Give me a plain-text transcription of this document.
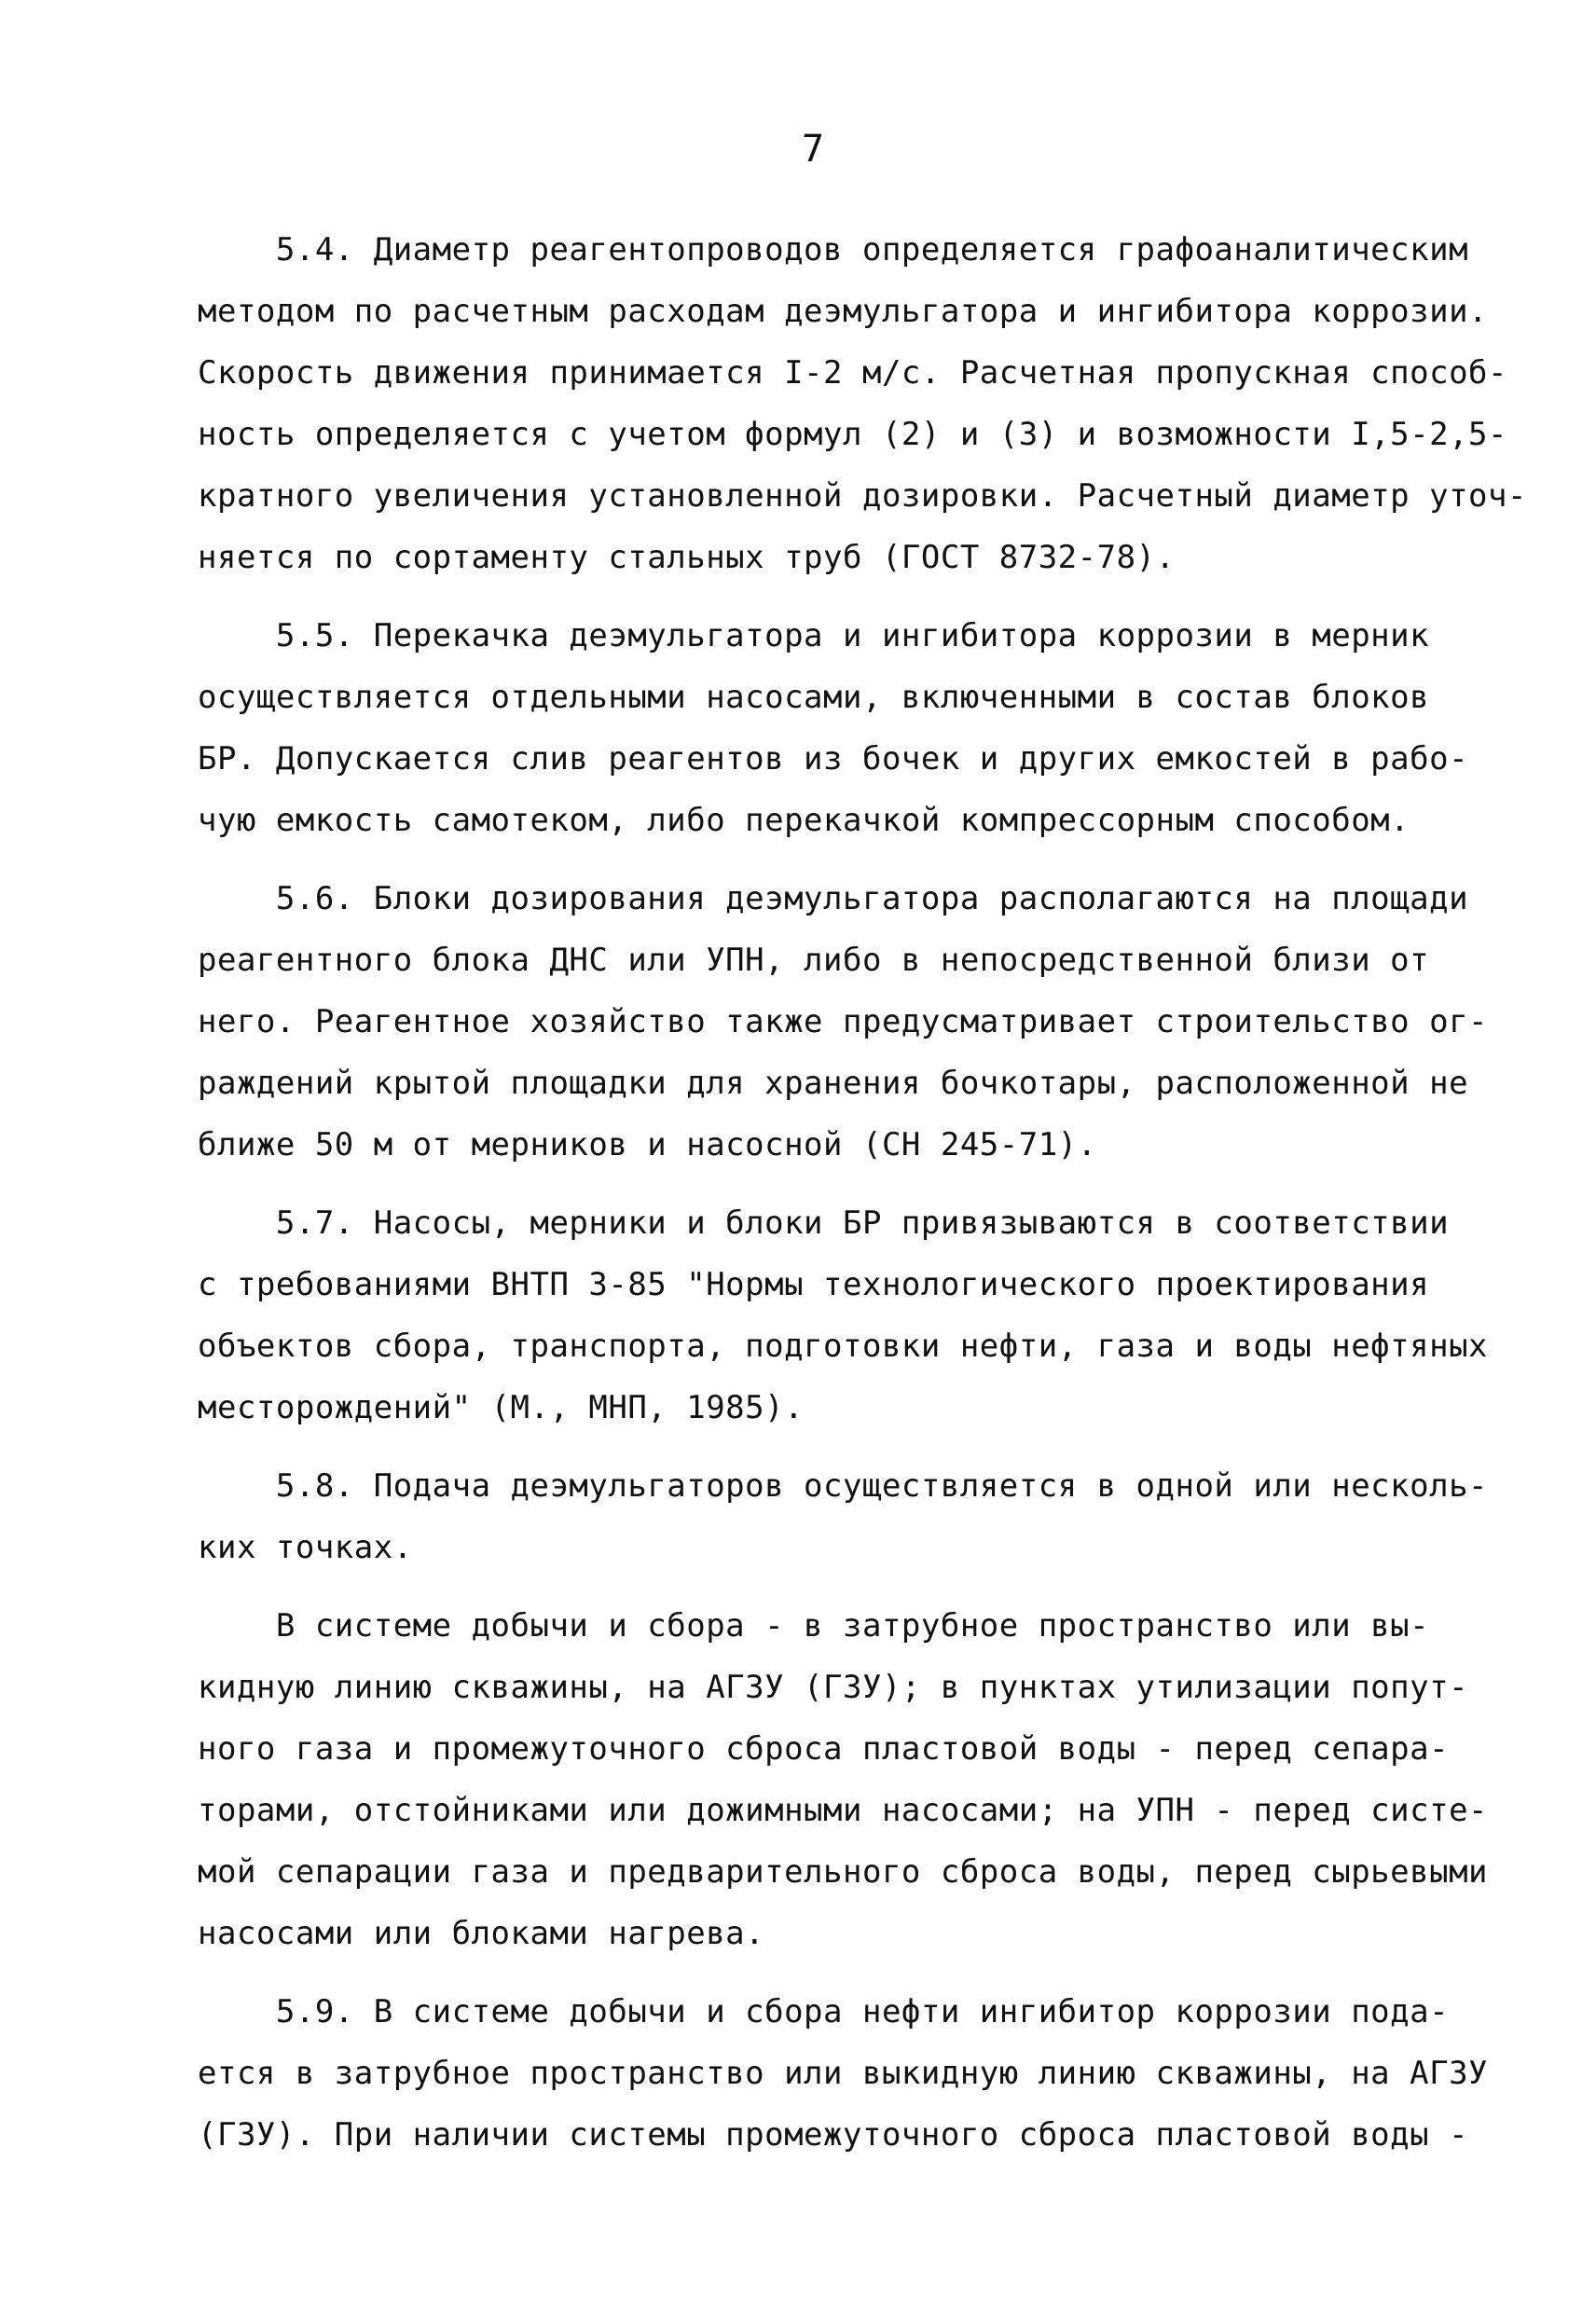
7
5.4. Диаметр реагентопроводов определяется графоаналитическим
методом по расчетным расходам деэмульгатора и ингибитора коррозии.
Скорость движения принимается I-2 м/с. Расчетная пропускная способ-
ность определяется с учетом формул (2) и (3) и возможности I,5-2,5-
кратного увеличения установленной дозировки. Расчетный диаметр уточ-
няется по сортаменту стальных труб (ГОСТ 8732-78).
5.5. Перекачка деэмульгатора и ингибитора коррозии в мерник
осуществляется отдельными насосами, включенными в состав блоков
БР. Допускается слив реагентов из бочек и других емкостей в рабо-
чую емкость самотеком, либо перекачкой компрессорным способом.
5.6. Блоки дозирования деэмульгатора располагаются на площади
реагентного блока ДНС или УПН, либо в непосредственной близи от
него. Реагентное хозяйство также предусматривает строительство ог-
раждений крытой площадки для хранения бочкотары, расположенной не
ближе 50 м от мерников и насосной (СН 245-71).
5.7. Насосы, мерники и блоки БР привязываются в соответствии
с требованиями ВНТП 3-85 "Нормы технологического проектирования
объектов сбора, транспорта, подготовки нефти, газа и воды нефтяных
месторождений" (М., МНП, 1985).
5.8. Подача деэмульгаторов осуществляется в одной или несколь-
ких точках.
В системе добычи и сбора - в затрубное пространство или вы-
кидную линию скважины, на АГЗУ (ГЗУ); в пунктах утилизации попут-
ного газа и промежуточного сброса пластовой воды - перед сепара-
торами, отстойниками или дожимными насосами; на УПН - перед систе-
мой сепарации газа и предварительного сброса воды, перед сырьевыми
насосами или блоками нагрева.
5.9. В системе добычи и сбора нефти ингибитор коррозии пода-
ется в затрубное пространство или выкидную линию скважины, на АГЗУ
(ГЗУ). При наличии системы промежуточного сброса пластовой воды -
